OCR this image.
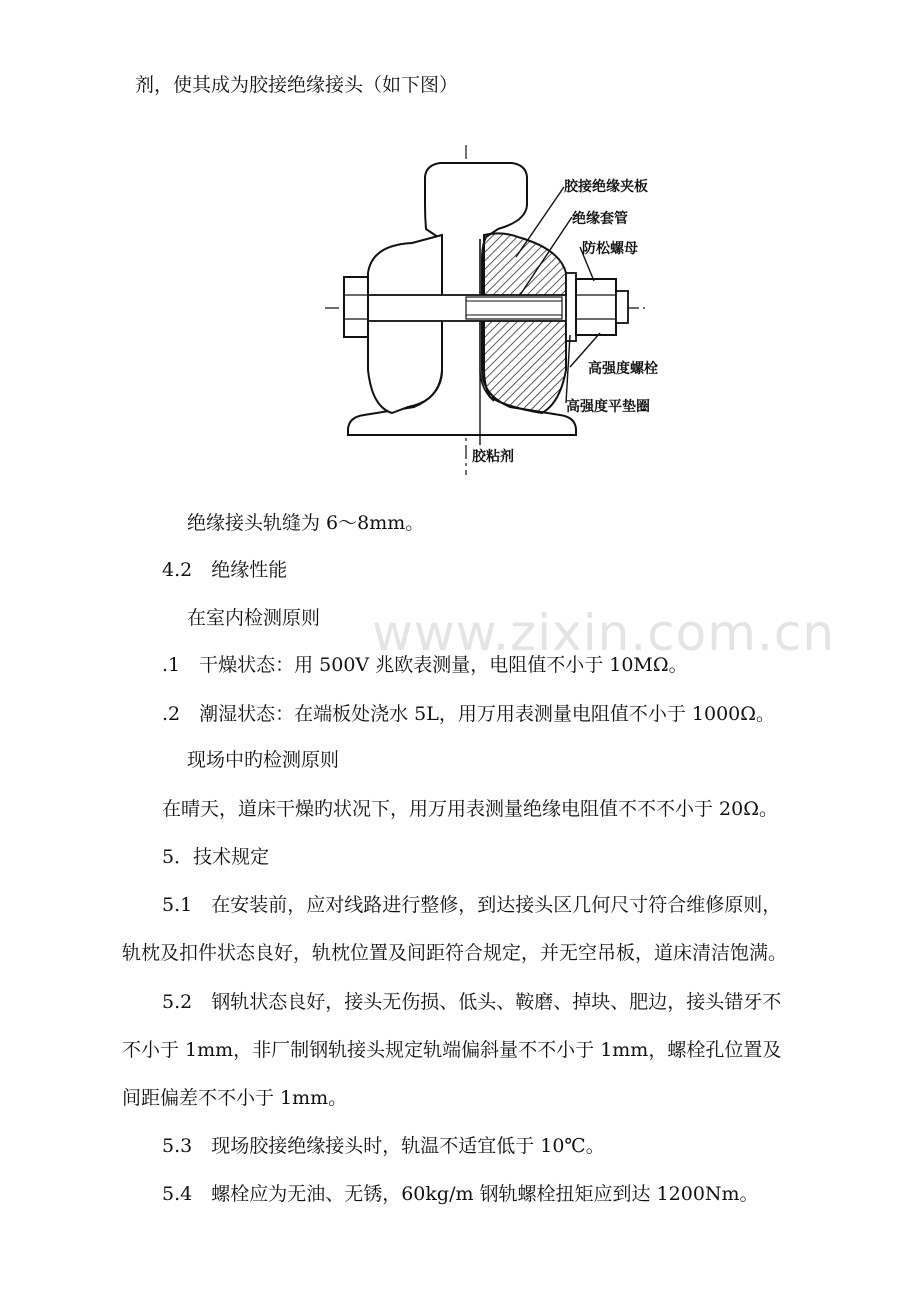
剂，使其成为胶接绝缘接头（如下图）
胶接绝缘夹板
绝缘套管
防松螺母
高强度螺栓
高强度平垫圈
胶粘剂
www.zixin.com.cn
绝缘接头轨缝为 6～8mm。
4.2　绝缘性能
在室内检测原则
.1　干燥状态：用 500V 兆欧表测量，电阻值不小于 10MΩ。
.2　潮湿状态：在端板处浇水 5L，用万用表测量电阻值不小于 1000Ω。
现场中旳检测原则
在晴天，道床干燥旳状况下，用万用表测量绝缘电阻值不不不小于 20Ω。
5．技术规定
5.1　在安装前，应对线路进行整修，到达接头区几何尺寸符合维修原则，
轨枕及扣件状态良好，轨枕位置及间距符合规定，并无空吊板，道床清洁饱满。
5.2　钢轨状态良好，接头无伤损、低头、鞍磨、掉块、肥边，接头错牙不
不小于 1mm，非厂制钢轨接头规定轨端偏斜量不不小于 1mm，螺栓孔位置及
间距偏差不不小于 1mm。
5.3　现场胶接绝缘接头时，轨温不适宜低于 10℃。
5.4　螺栓应为无油、无锈，60kg/m 钢轨螺栓扭矩应到达 1200Nm。
